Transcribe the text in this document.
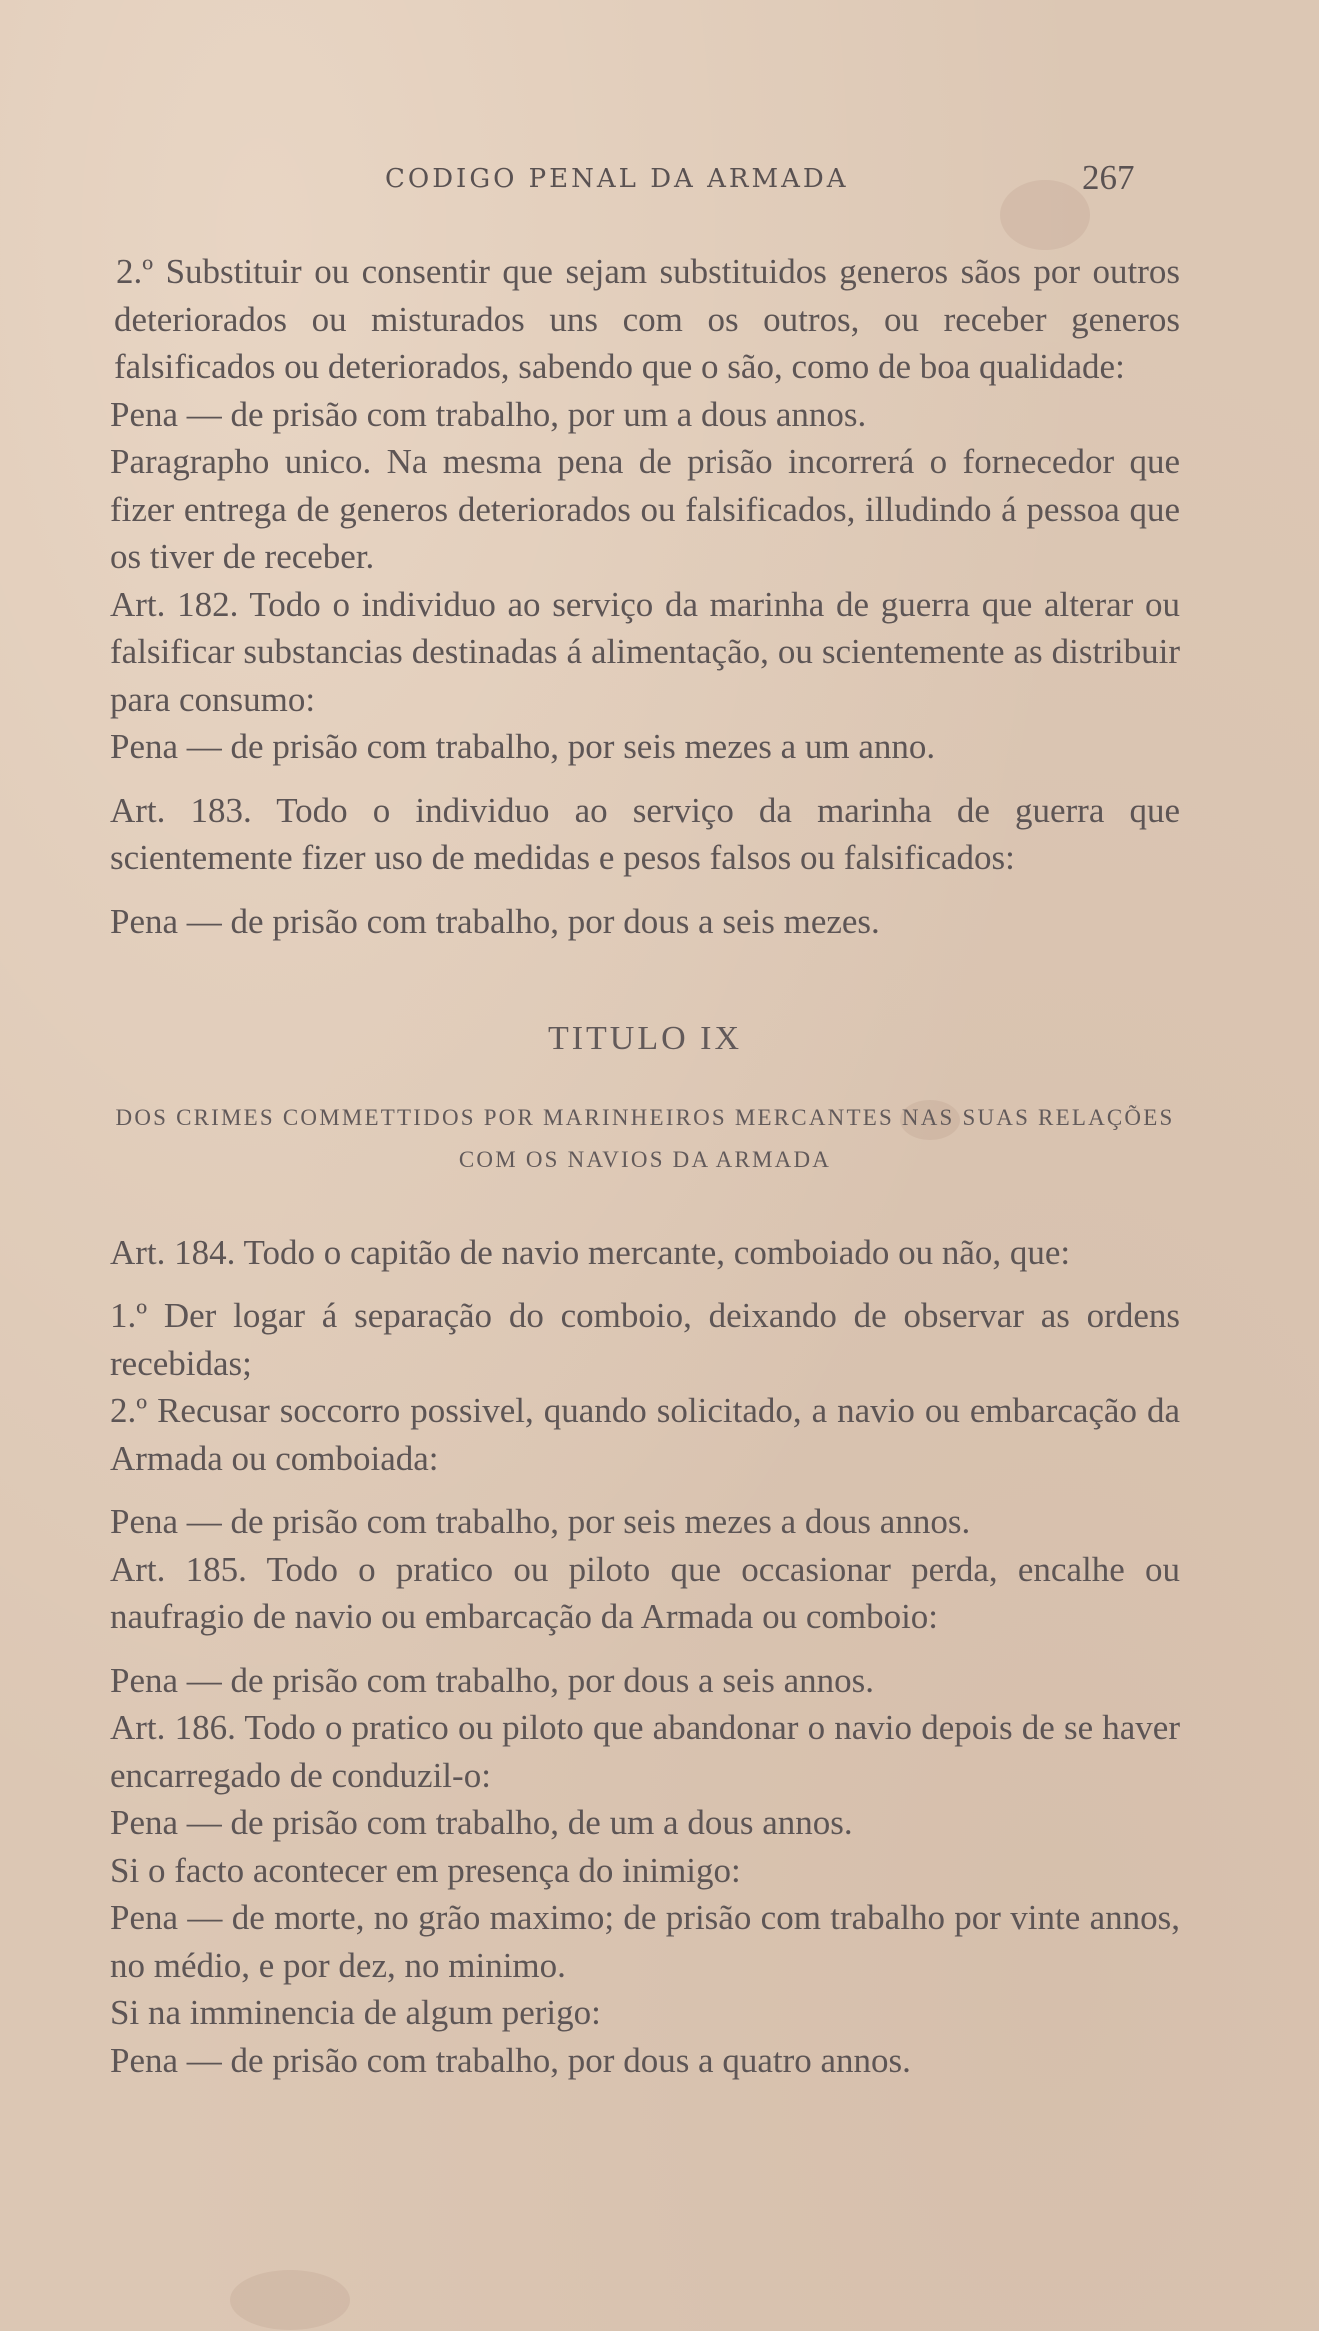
CODIGO PENAL DA ARMADA	267

2.º Substituir ou consentir que sejam substituidos generos sãos por outros deteriorados ou misturados uns com os outros, ou receber generos falsificados ou deteriorados, sabendo que o são, como de boa qualidade:

Pena — de prisão com trabalho, por um a dous annos.

Paragrapho unico. Na mesma pena de prisão incorrerá o fornecedor que fizer entrega de generos deteriorados ou falsificados, illudindo á pessoa que os tiver de receber.

Art. 182. Todo o individuo ao serviço da marinha de guerra que alterar ou falsificar substancias destinadas á alimentação, ou scientemente as distribuir para consumo:

Pena — de prisão com trabalho, por seis mezes a um anno.

Art. 183. Todo o individuo ao serviço da marinha de guerra que scientemente fizer uso de medidas e pesos falsos ou falsificados:

Pena — de prisão com trabalho, por dous a seis mezes.

TITULO IX
DOS CRIMES COMMETTIDOS POR MARINHEIROS MERCANTES NAS SUAS RELAÇÕES COM OS NAVIOS DA ARMADA

Art. 184. Todo o capitão de navio mercante, comboiado ou não, que:

1.º Der logar á separação do comboio, deixando de observar as ordens recebidas;

2.º Recusar soccorro possivel, quando solicitado, a navio ou embarcação da Armada ou comboiada:

Pena — de prisão com trabalho, por seis mezes a dous annos.

Art. 185. Todo o pratico ou piloto que occasionar perda, encalhe ou naufragio de navio ou embarcação da Armada ou comboio:

Pena — de prisão com trabalho, por dous a seis annos.

Art. 186. Todo o pratico ou piloto que abandonar o navio depois de se haver encarregado de conduzil-o:

Pena — de prisão com trabalho, de um a dous annos.

Si o facto acontecer em presença do inimigo:

Pena — de morte, no grão maximo; de prisão com trabalho por vinte annos, no médio, e por dez, no minimo.

Si na imminencia de algum perigo:

Pena — de prisão com trabalho, por dous a quatro annos.
